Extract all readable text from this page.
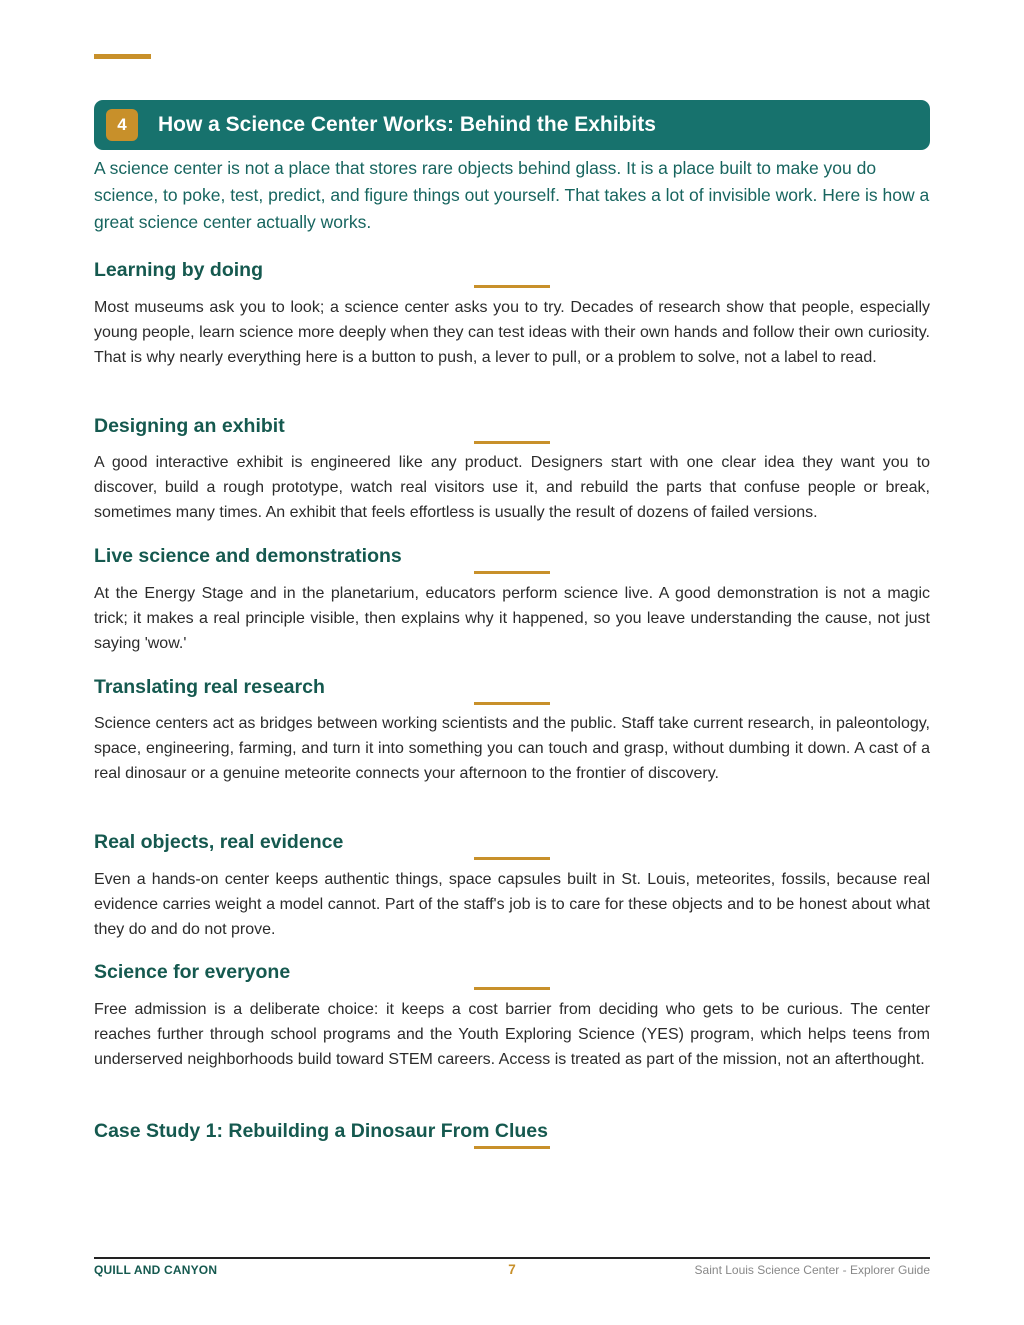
4	How a Science Center Works: Behind the Exhibits

A science center is not a place that stores rare objects behind glass. It is a place built to make you do science, to poke, test, predict, and figure things out yourself. That takes a lot of invisible work. Here is how a great science center actually works.

Learning by doing

Most museums ask you to look; a science center asks you to try. Decades of research show that people, especially young people, learn science more deeply when they can test ideas with their own hands and follow their own curiosity. That is why nearly everything here is a button to push, a lever to pull, or a problem to solve, not a label to read.

Designing an exhibit

A good interactive exhibit is engineered like any product. Designers start with one clear idea they want you to discover, build a rough prototype, watch real visitors use it, and rebuild the parts that confuse people or break, sometimes many times. An exhibit that feels effortless is usually the result of dozens of failed versions.

Live science and demonstrations

At the Energy Stage and in the planetarium, educators perform science live. A good demonstration is not a magic trick; it makes a real principle visible, then explains why it happened, so you leave understanding the cause, not just saying 'wow.'

Translating real research

Science centers act as bridges between working scientists and the public. Staff take current research, in paleontology, space, engineering, farming, and turn it into something you can touch and grasp, without dumbing it down. A cast of a real dinosaur or a genuine meteorite connects your afternoon to the frontier of discovery.

Real objects, real evidence

Even a hands-on center keeps authentic things, space capsules built in St. Louis, meteorites, fossils, because real evidence carries weight a model cannot. Part of the staff's job is to care for these objects and to be honest about what they do and do not prove.

Science for everyone

Free admission is a deliberate choice: it keeps a cost barrier from deciding who gets to be curious. The center reaches further through school programs and the Youth Exploring Science (YES) program, which helps teens from underserved neighborhoods build toward STEM careers. Access is treated as part of the mission, not an afterthought.

Case Study 1: Rebuilding a Dinosaur From Clues
QUILL AND CANYON	7	Saint Louis Science Center - Explorer Guide
